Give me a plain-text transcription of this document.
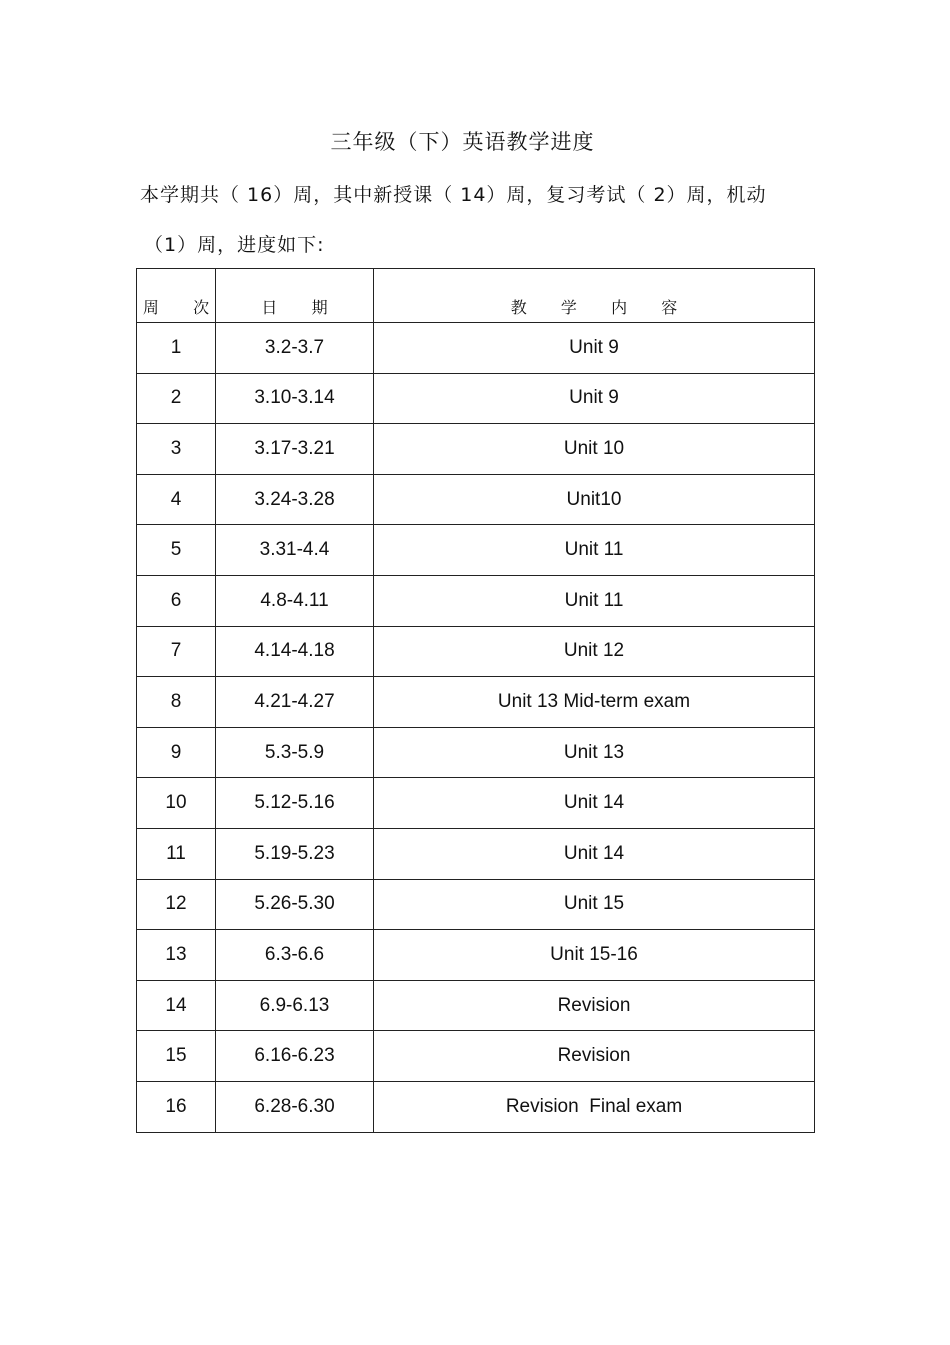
三年级（下）英语教学进度
本学期共（ 16）周，其中新授课（ 14）周，复习考试（ 2）周，机动
（1）周，进度如下:
周  次	日  期	教  学  内  容
1	3.2-3.7	Unit 9
2	3.10-3.14	Unit 9
3	3.17-3.21	Unit 10
4	3.24-3.28	Unit10
5	3.31-4.4	Unit 11
6	4.8-4.11	Unit 11
7	4.14-4.18	Unit 12
8	4.21-4.27	Unit 13 Mid-term exam
9	5.3-5.9	Unit 13
10	5.12-5.16	Unit 14
11	5.19-5.23	Unit 14
12	5.26-5.30	Unit 15
13	6.3-6.6	Unit 15-16
14	6.9-6.13	Revision
15	6.16-6.23	Revision
16	6.28-6.30	Revision  Final exam
